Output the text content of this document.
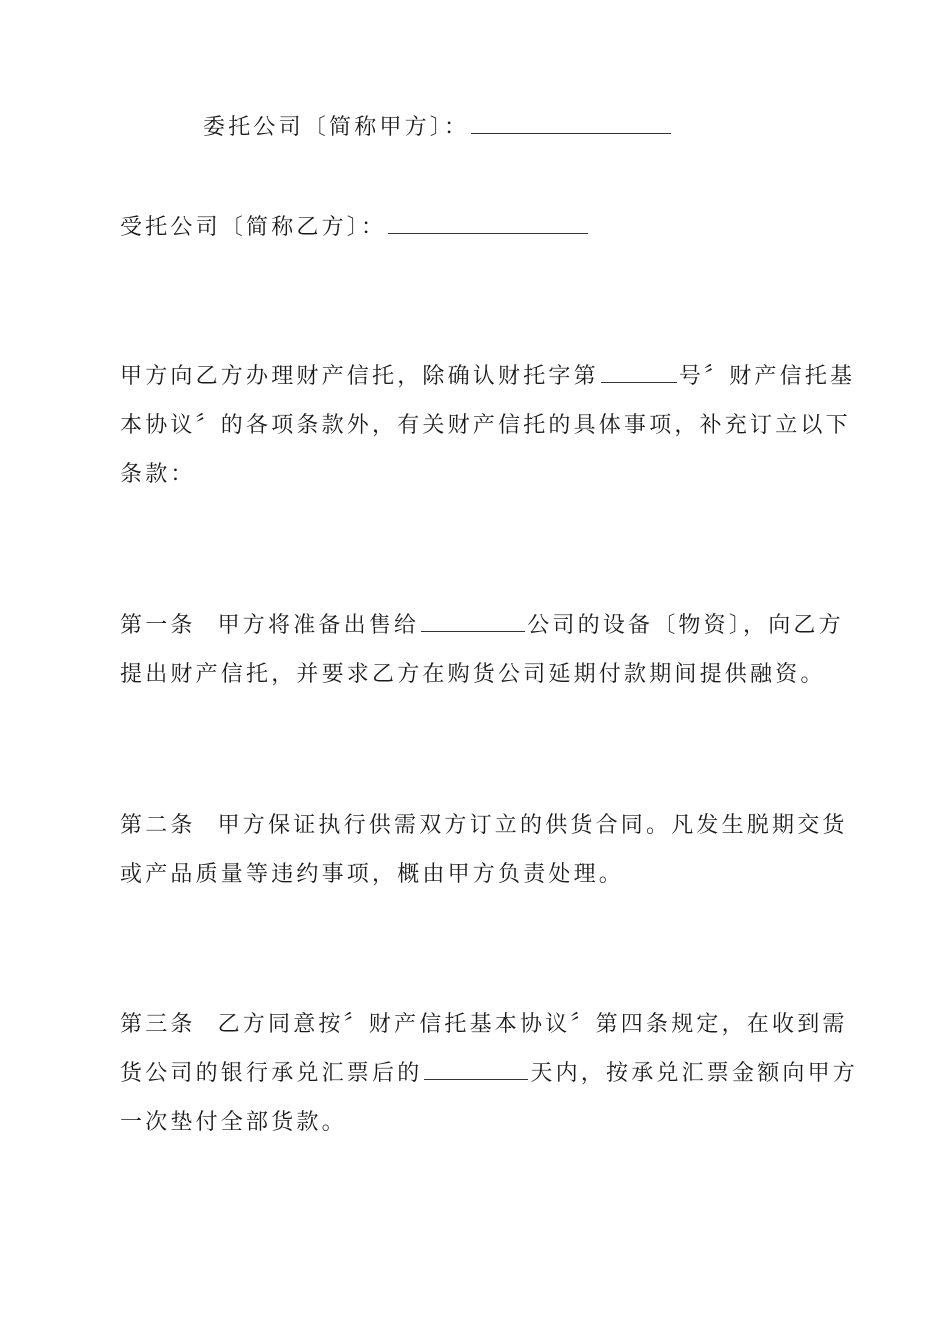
委托公司〔简称甲方〕：
受托公司〔简称乙方〕：
甲方向乙方办理财产信托，除确认财托字第	号〞财产信托基
本协议〞的各项条款外，有关财产信托的具体事项，补充订立以下
条款：
第一条 甲方将准备出售给	公司的设备〔物资〕，向乙方
提出财产信托，并要求乙方在购货公司延期付款期间提供融资。
第二条 甲方保证执行供需双方订立的供货合同。凡发生脱期交货
或产品质量等违约事项，概由甲方负责处理。
第三条 乙方同意按〞财产信托基本协议〞第四条规定，在收到需
货公司的银行承兑汇票后的	天内，按承兑汇票金额向甲方
一次垫付全部货款。
